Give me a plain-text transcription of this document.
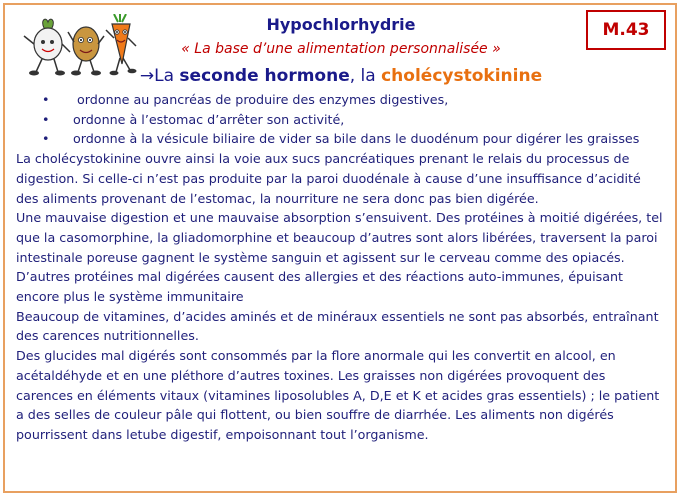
M.43
Hypochlorhydrie
« La base d’une alimentation personnalisée »
→La seconde hormone, la cholécystokinine
• ordonne au pancréas de produire des enzymes digestives,
• ordonne à l’estomac d’arrêter son activité,
• ordonne à la vésicule biliaire de vider sa bile dans le duodénum pour digérer les graisses

La cholécystokinine ouvre ainsi la voie aux sucs pancréatiques prenant le relais du processus de digestion. Si celle-ci n’est pas produite par la paroi duodénale à cause d’une insuffisance d’acidité des aliments provenant de l’estomac, la nourriture ne sera donc pas bien digérée.

Une mauvaise digestion et une mauvaise absorption s’ensuivent. Des protéines à moitié digérées, tel que la casomorphine, la gliadomorphine et beaucoup d’autres sont alors libérées, traversent la paroi intestinale poreuse gagnent le système sanguin et agissent sur le cerveau comme des opiacés.

D’autres protéines mal digérées causent des allergies et des réactions auto-immunes, épuisant encore plus le système immunitaire

Beaucoup de vitamines, d’acides aminés et de minéraux essentiels ne sont pas absorbés, entraînant des carences nutritionnelles.

Des glucides mal digérés sont consommés par la flore anormale qui les convertit en alcool, en acétaldéhyde et en une pléthore d’autres toxines. Les graisses non digérées provoquent des carences en éléments vitaux (vitamines liposolubles A, D,E et K et acides gras essentiels) ; le patient a des selles de couleur pâle qui flottent, ou bien souffre de diarrhée. Les aliments non digérés pourrissent dans letube digestif, empoisonnant tout l’organisme.
